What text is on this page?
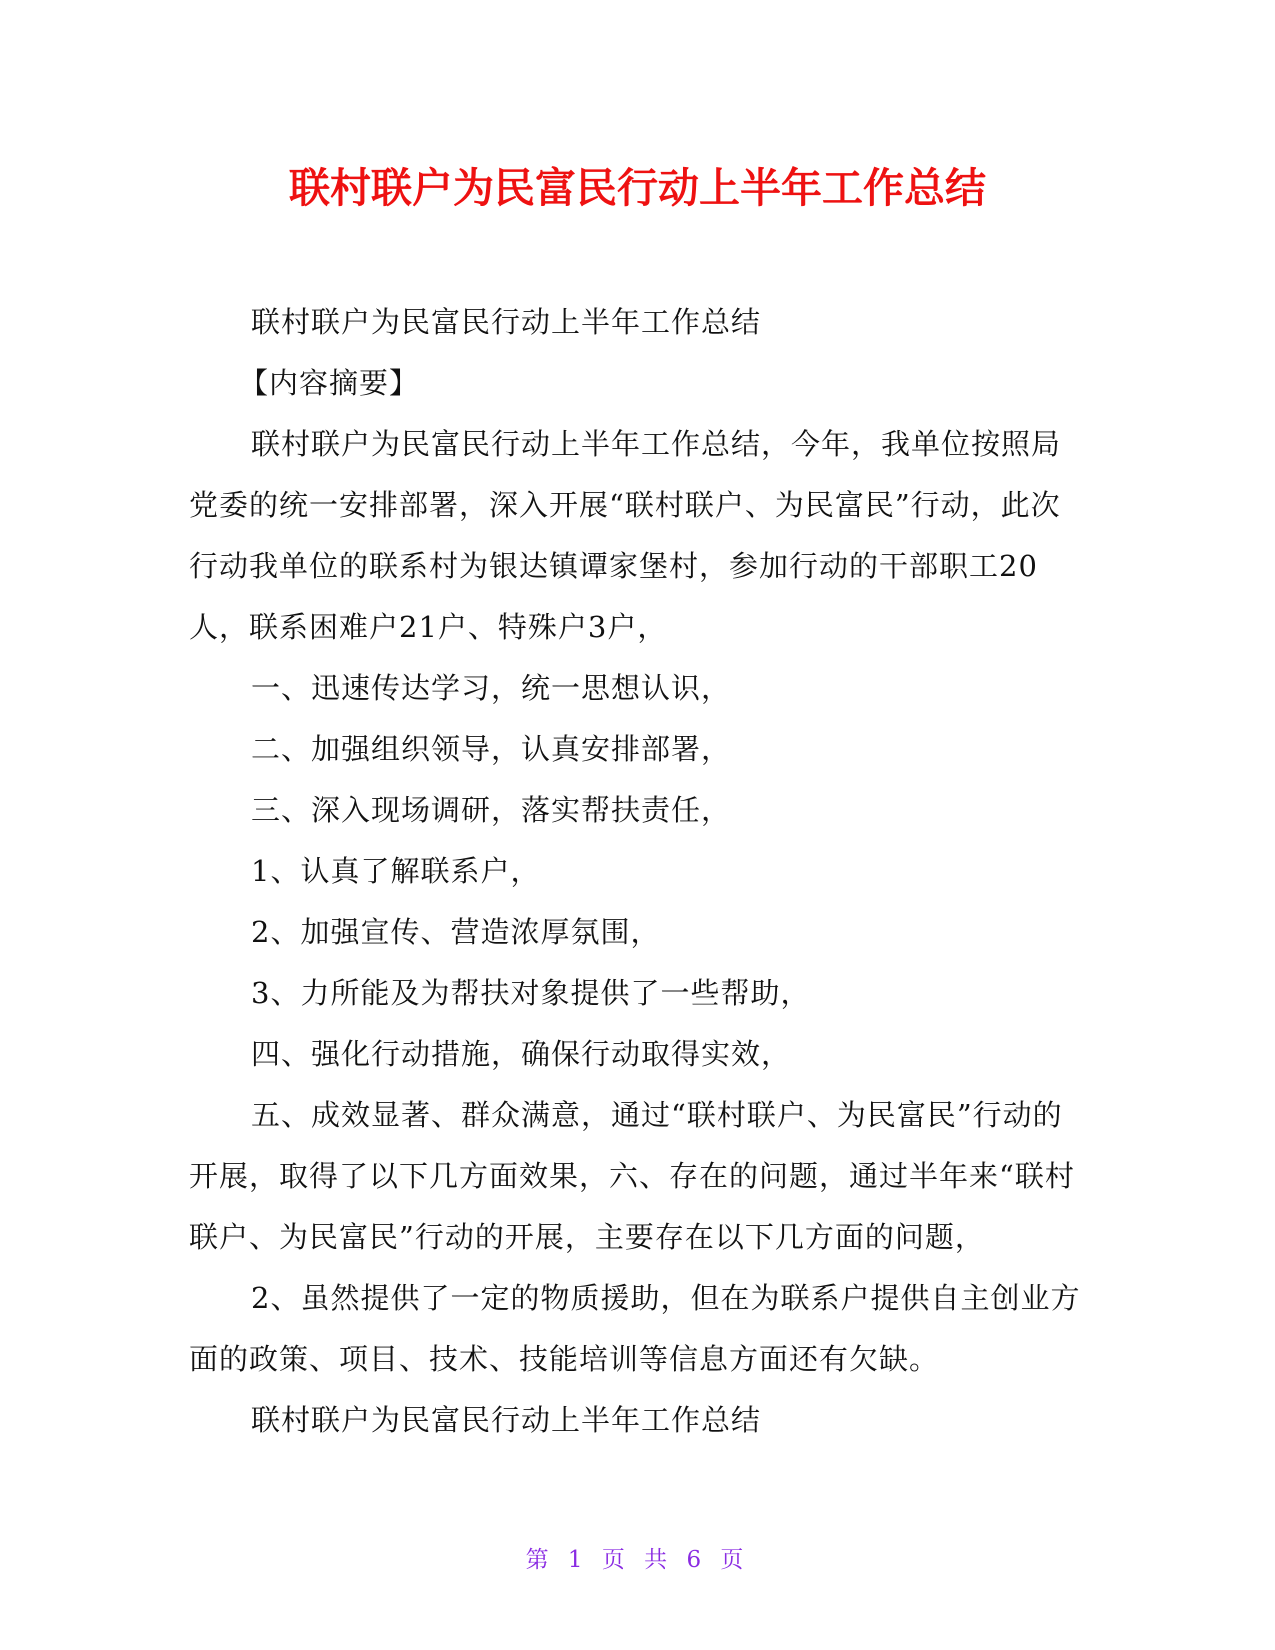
联村联户为民富民行动上半年工作总结

联村联户为民富民行动上半年工作总结

【内容摘要】

联村联户为民富民行动上半年工作总结，今年，我单位按照局党委的统一安排部署，深入开展“联村联户、为民富民”行动，此次行动我单位的联系村为银达镇谭家堡村，参加行动的干部职工20人，联系困难户21户、特殊户3户，

一、迅速传达学习，统一思想认识，

二、加强组织领导，认真安排部署，

三、深入现场调研，落实帮扶责任，

1、认真了解联系户，

2、加强宣传、营造浓厚氛围，

3、力所能及为帮扶对象提供了一些帮助，

四、强化行动措施，确保行动取得实效，

五、成效显著、群众满意，通过“联村联户、为民富民”行动的开展，取得了以下几方面效果，六、存在的问题，通过半年来“联村联户、为民富民”行动的开展，主要存在以下几方面的问题，

2、虽然提供了一定的物质援助，但在为联系户提供自主创业方面的政策、项目、技术、技能培训等信息方面还有欠缺。

联村联户为民富民行动上半年工作总结

第 1 页 共 6 页
